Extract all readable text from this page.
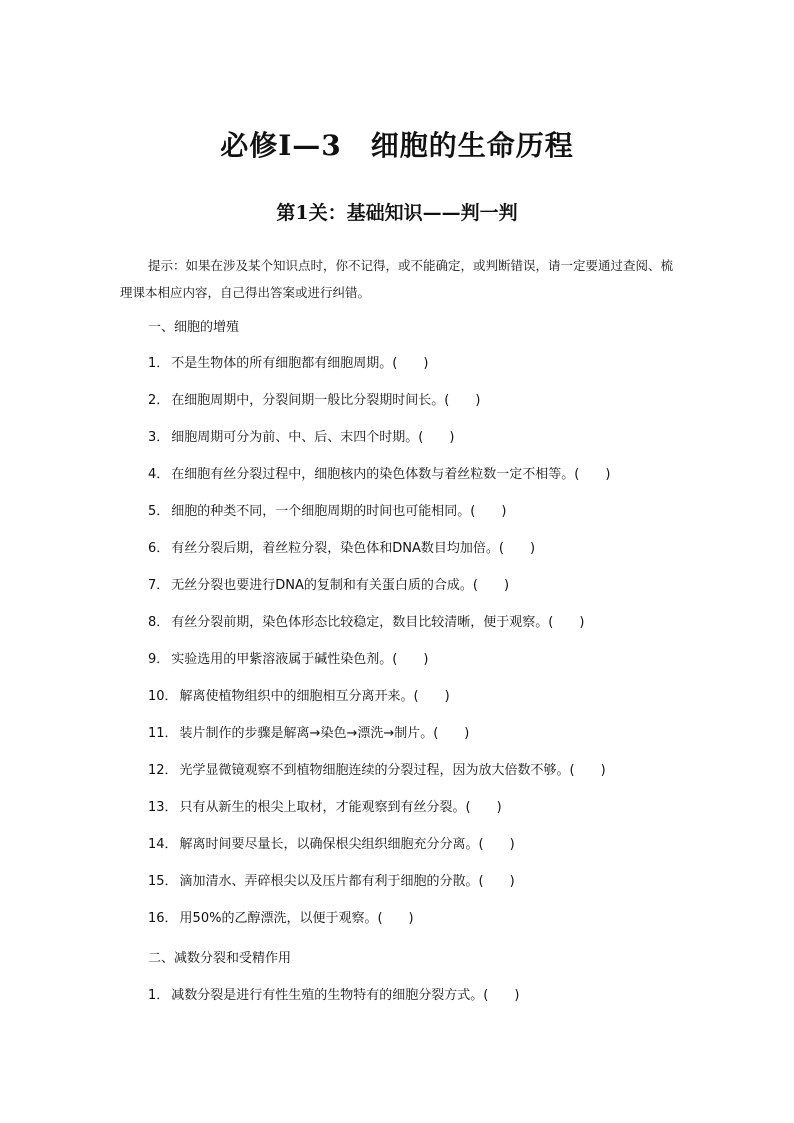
必修Ⅰ—3　细胞的生命历程
第1关：基础知识——判一判
提示：如果在涉及某个知识点时，你不记得，或不能确定，或判断错误，请一定要通过查阅、梳理课本相应内容，自己得出答案或进行纠错。
一、细胞的增殖
1． 不是生物体的所有细胞都有细胞周期。(　　)
2． 在细胞周期中，分裂间期一般比分裂期时间长。(　　)
3． 细胞周期可分为前、中、后、末四个时期。(　　)
4． 在细胞有丝分裂过程中，细胞核内的染色体数与着丝粒数一定不相等。(　　)
5． 细胞的种类不同，一个细胞周期的时间也可能相同。(　　)
6． 有丝分裂后期，着丝粒分裂，染色体和DNA数目均加倍。(　　)
7． 无丝分裂也要进行DNA的复制和有关蛋白质的合成。(　　)
8． 有丝分裂前期，染色体形态比较稳定，数目比较清晰，便于观察。(　　)
9． 实验选用的甲紫溶液属于碱性染色剂。(　　)
10． 解离使植物组织中的细胞相互分离开来。(　　)
11． 装片制作的步骤是解离→染色→漂洗→制片。(　　)
12． 光学显微镜观察不到植物细胞连续的分裂过程，因为放大倍数不够。(　　)
13． 只有从新生的根尖上取材，才能观察到有丝分裂。(　　)
14． 解离时间要尽量长，以确保根尖组织细胞充分分离。(　　)
15． 滴加清水、弄碎根尖以及压片都有利于细胞的分散。(　　)
16． 用50%的乙醇漂洗，以便于观察。(　　)
二、减数分裂和受精作用
1． 减数分裂是进行有性生殖的生物特有的细胞分裂方式。(　　)
